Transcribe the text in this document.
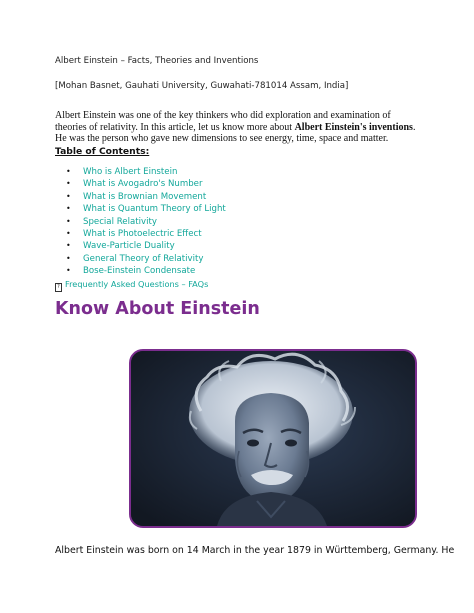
Albert Einstein – Facts, Theories and Inventions
[Mohan Basnet, Gauhati University, Guwahati-781014 Assam, India]

Albert Einstein was one of the key thinkers who did exploration and examination of theories of relativity. In this article, let us know more about Albert Einstein's inventions. He was the person who gave new dimensions to see energy, time, space and matter.

Table of Contents:
• Who is Albert Einstein
• What is Avogadro's Number
• What is Brownian Movement
• What is Quantum Theory of Light
• Special Relativity
• What is Photoelectric Effect
• Wave-Particle Duality
• General Theory of Relativity
• Bose-Einstein Condensate
? Frequently Asked Questions – FAQs
Know About Einstein
Albert Einstein was born on 14 March in the year 1879 in Württemberg, Germany. He
